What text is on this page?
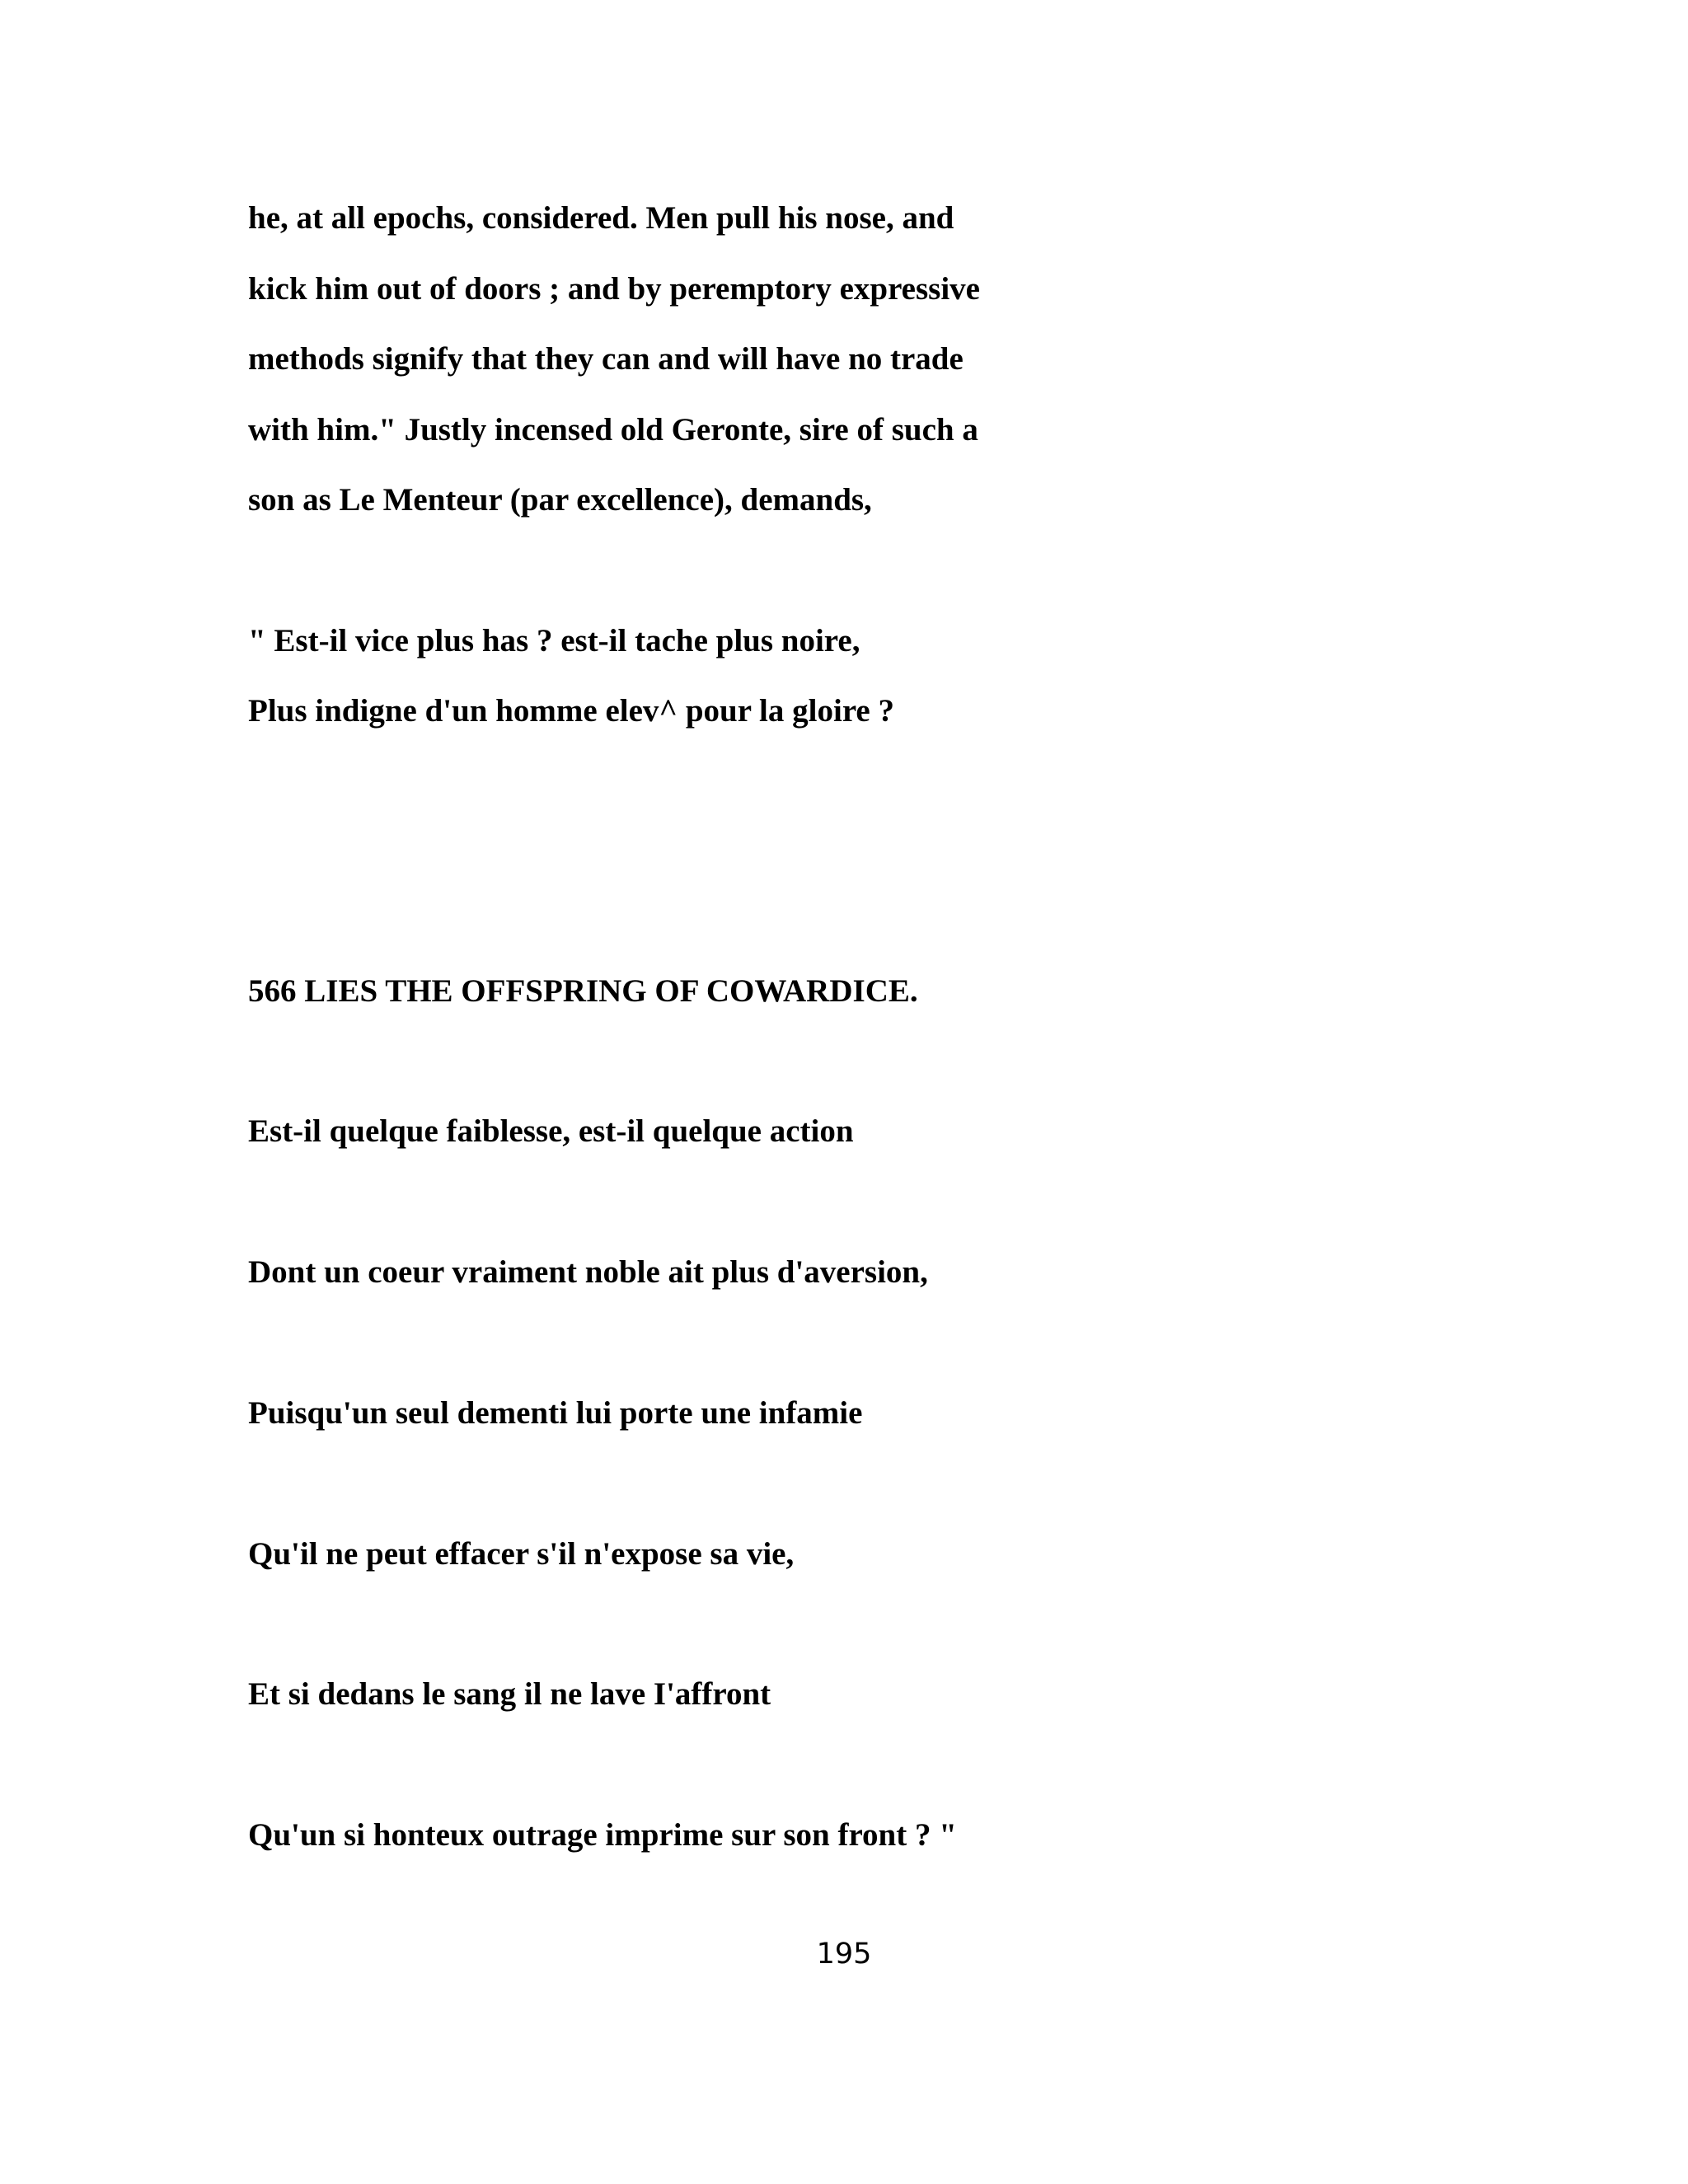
he, at all epochs, considered. Men pull his nose, and
kick him out of doors ; and by peremptory expressive
methods signify that they can and will have no trade
with him." Justly incensed old Geronte, sire of such a
son as Le Menteur (par excellence), demands,
" Est-il vice plus has ? est-il tache plus noire,
Plus indigne d'un homme elev^ pour la gloire ?
566 LIES THE OFFSPRING OF COWARDICE.
Est-il quelque faiblesse, est-il quelque action
Dont un coeur vraiment noble ait plus d'aversion,
Puisqu'un seul dementi lui porte une infamie
Qu'il ne peut effacer s'il n'expose sa vie,
Et si dedans le sang il ne lave I'affront
Qu'un si honteux outrage imprime sur son front ? "
195
